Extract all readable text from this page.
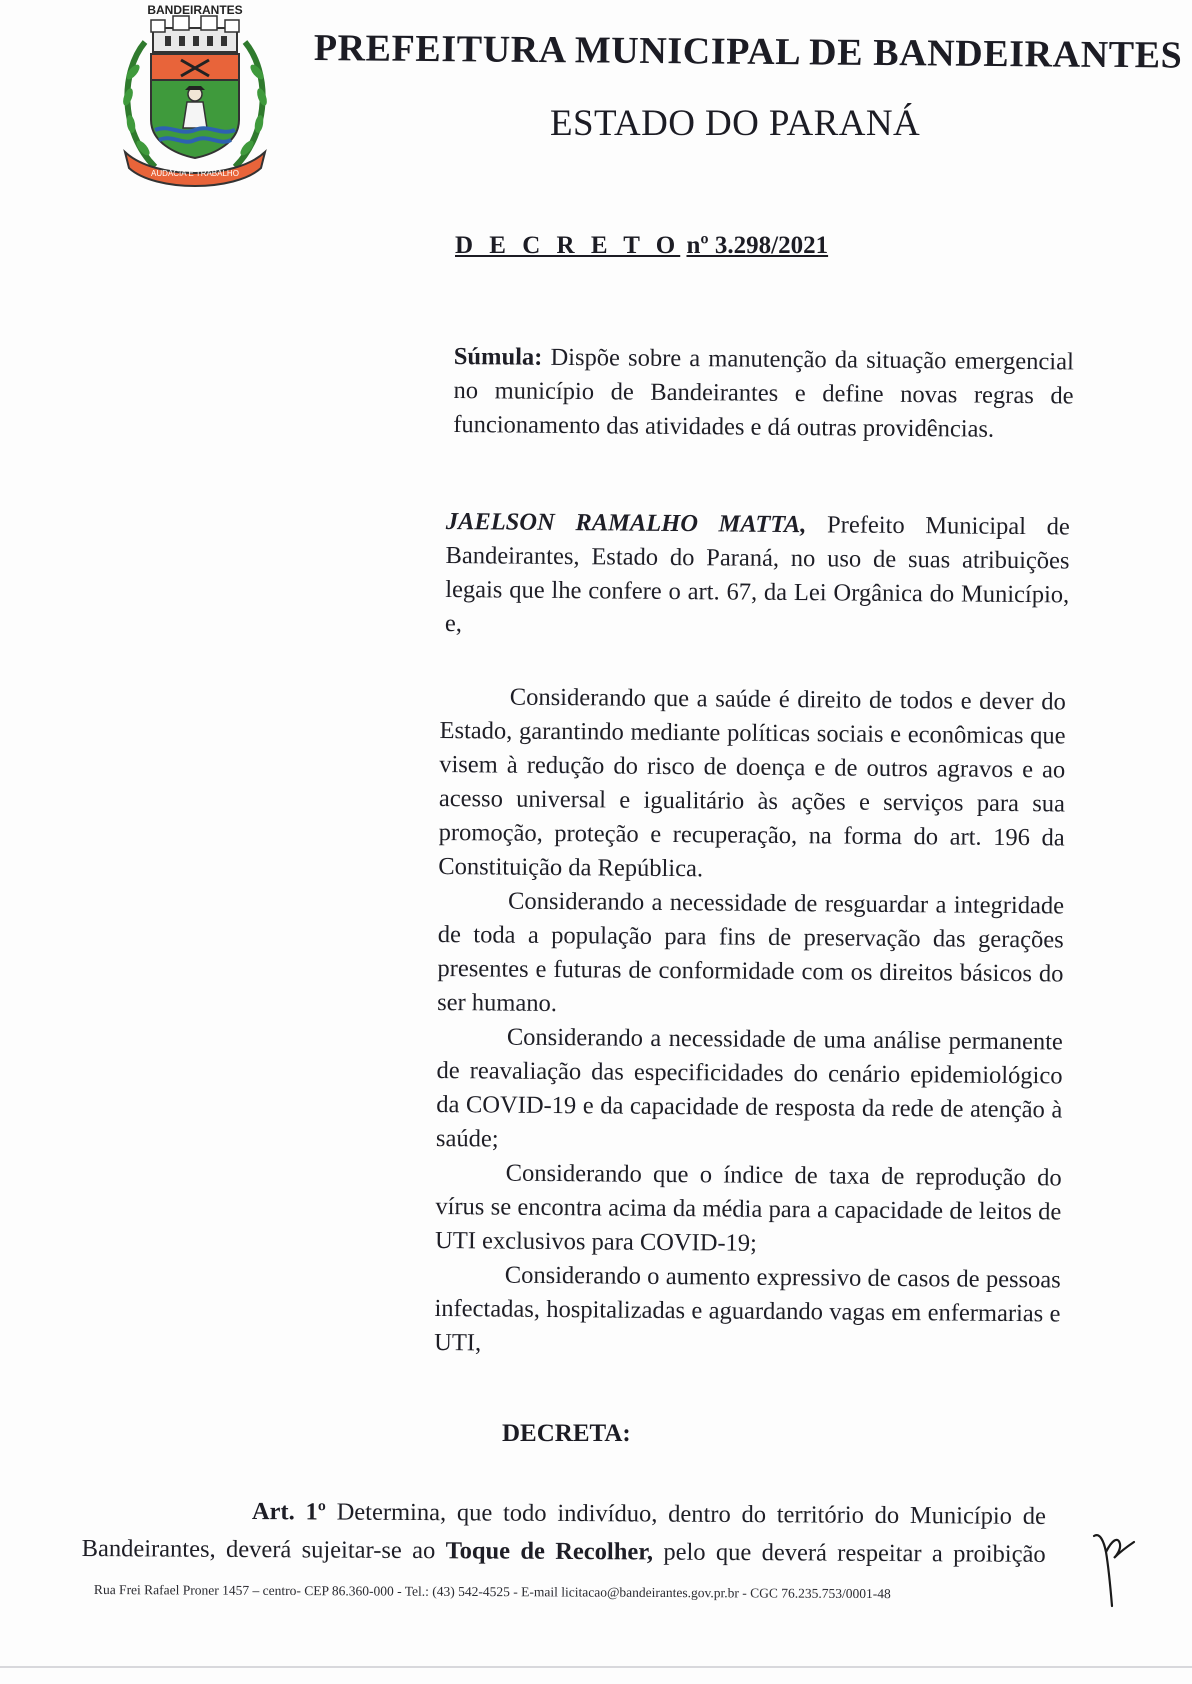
AUDÁCIA E TRABALHO
BANDEIRANTES
PREFEITURA MUNICIPAL DE BANDEIRANTES
ESTADO DO PARANÁ
D E C R E T O nº 3.298/2021
Súmula: Dispõe sobre a manutenção da situação emergencial no município de Bandeirantes e define novas regras de funcionamento das atividades e dá outras providências.
JAELSON RAMALHO MATTA, Prefeito Municipal de Bandeirantes, Estado do Paraná, no uso de suas atribuições legais que lhe confere o art. 67, da Lei Orgânica do Município, e,

Considerando que a saúde é direito de todos e dever do Estado, garantindo mediante políticas sociais e econômicas que visem à redução do risco de doença e de outros agravos e ao acesso universal e igualitário às ações e serviços para sua promoção, proteção e recuperação, na forma do art. 196 da Constituição da República.

Considerando a necessidade de resguardar a integridade de toda a população para fins de preservação das gerações presentes e futuras de conformidade com os direitos básicos do ser humano.

Considerando a necessidade de uma análise permanente de reavaliação das especificidades do cenário epidemiológico da COVID-19 e da capacidade de resposta da rede de atenção à saúde;

Considerando que o índice de taxa de reprodução do vírus se encontra acima da média para a capacidade de leitos de UTI exclusivos para COVID-19;

Considerando o aumento expressivo de casos de pessoas infectadas, hospitalizadas e aguardando vagas em enfermarias e UTI,

DECRETA:
Art. 1º Determina, que todo indivíduo, dentro do território do Município de Bandeirantes, deverá sujeitar-se ao Toque de Recolher, pelo que deverá respeitar a proibição
Rua Frei Rafael Proner 1457 – centro- CEP 86.360-000 - Tel.: (43) 542-4525 - E-mail licitacao@bandeirantes.gov.pr.br - CGC 76.235.753/0001-48
